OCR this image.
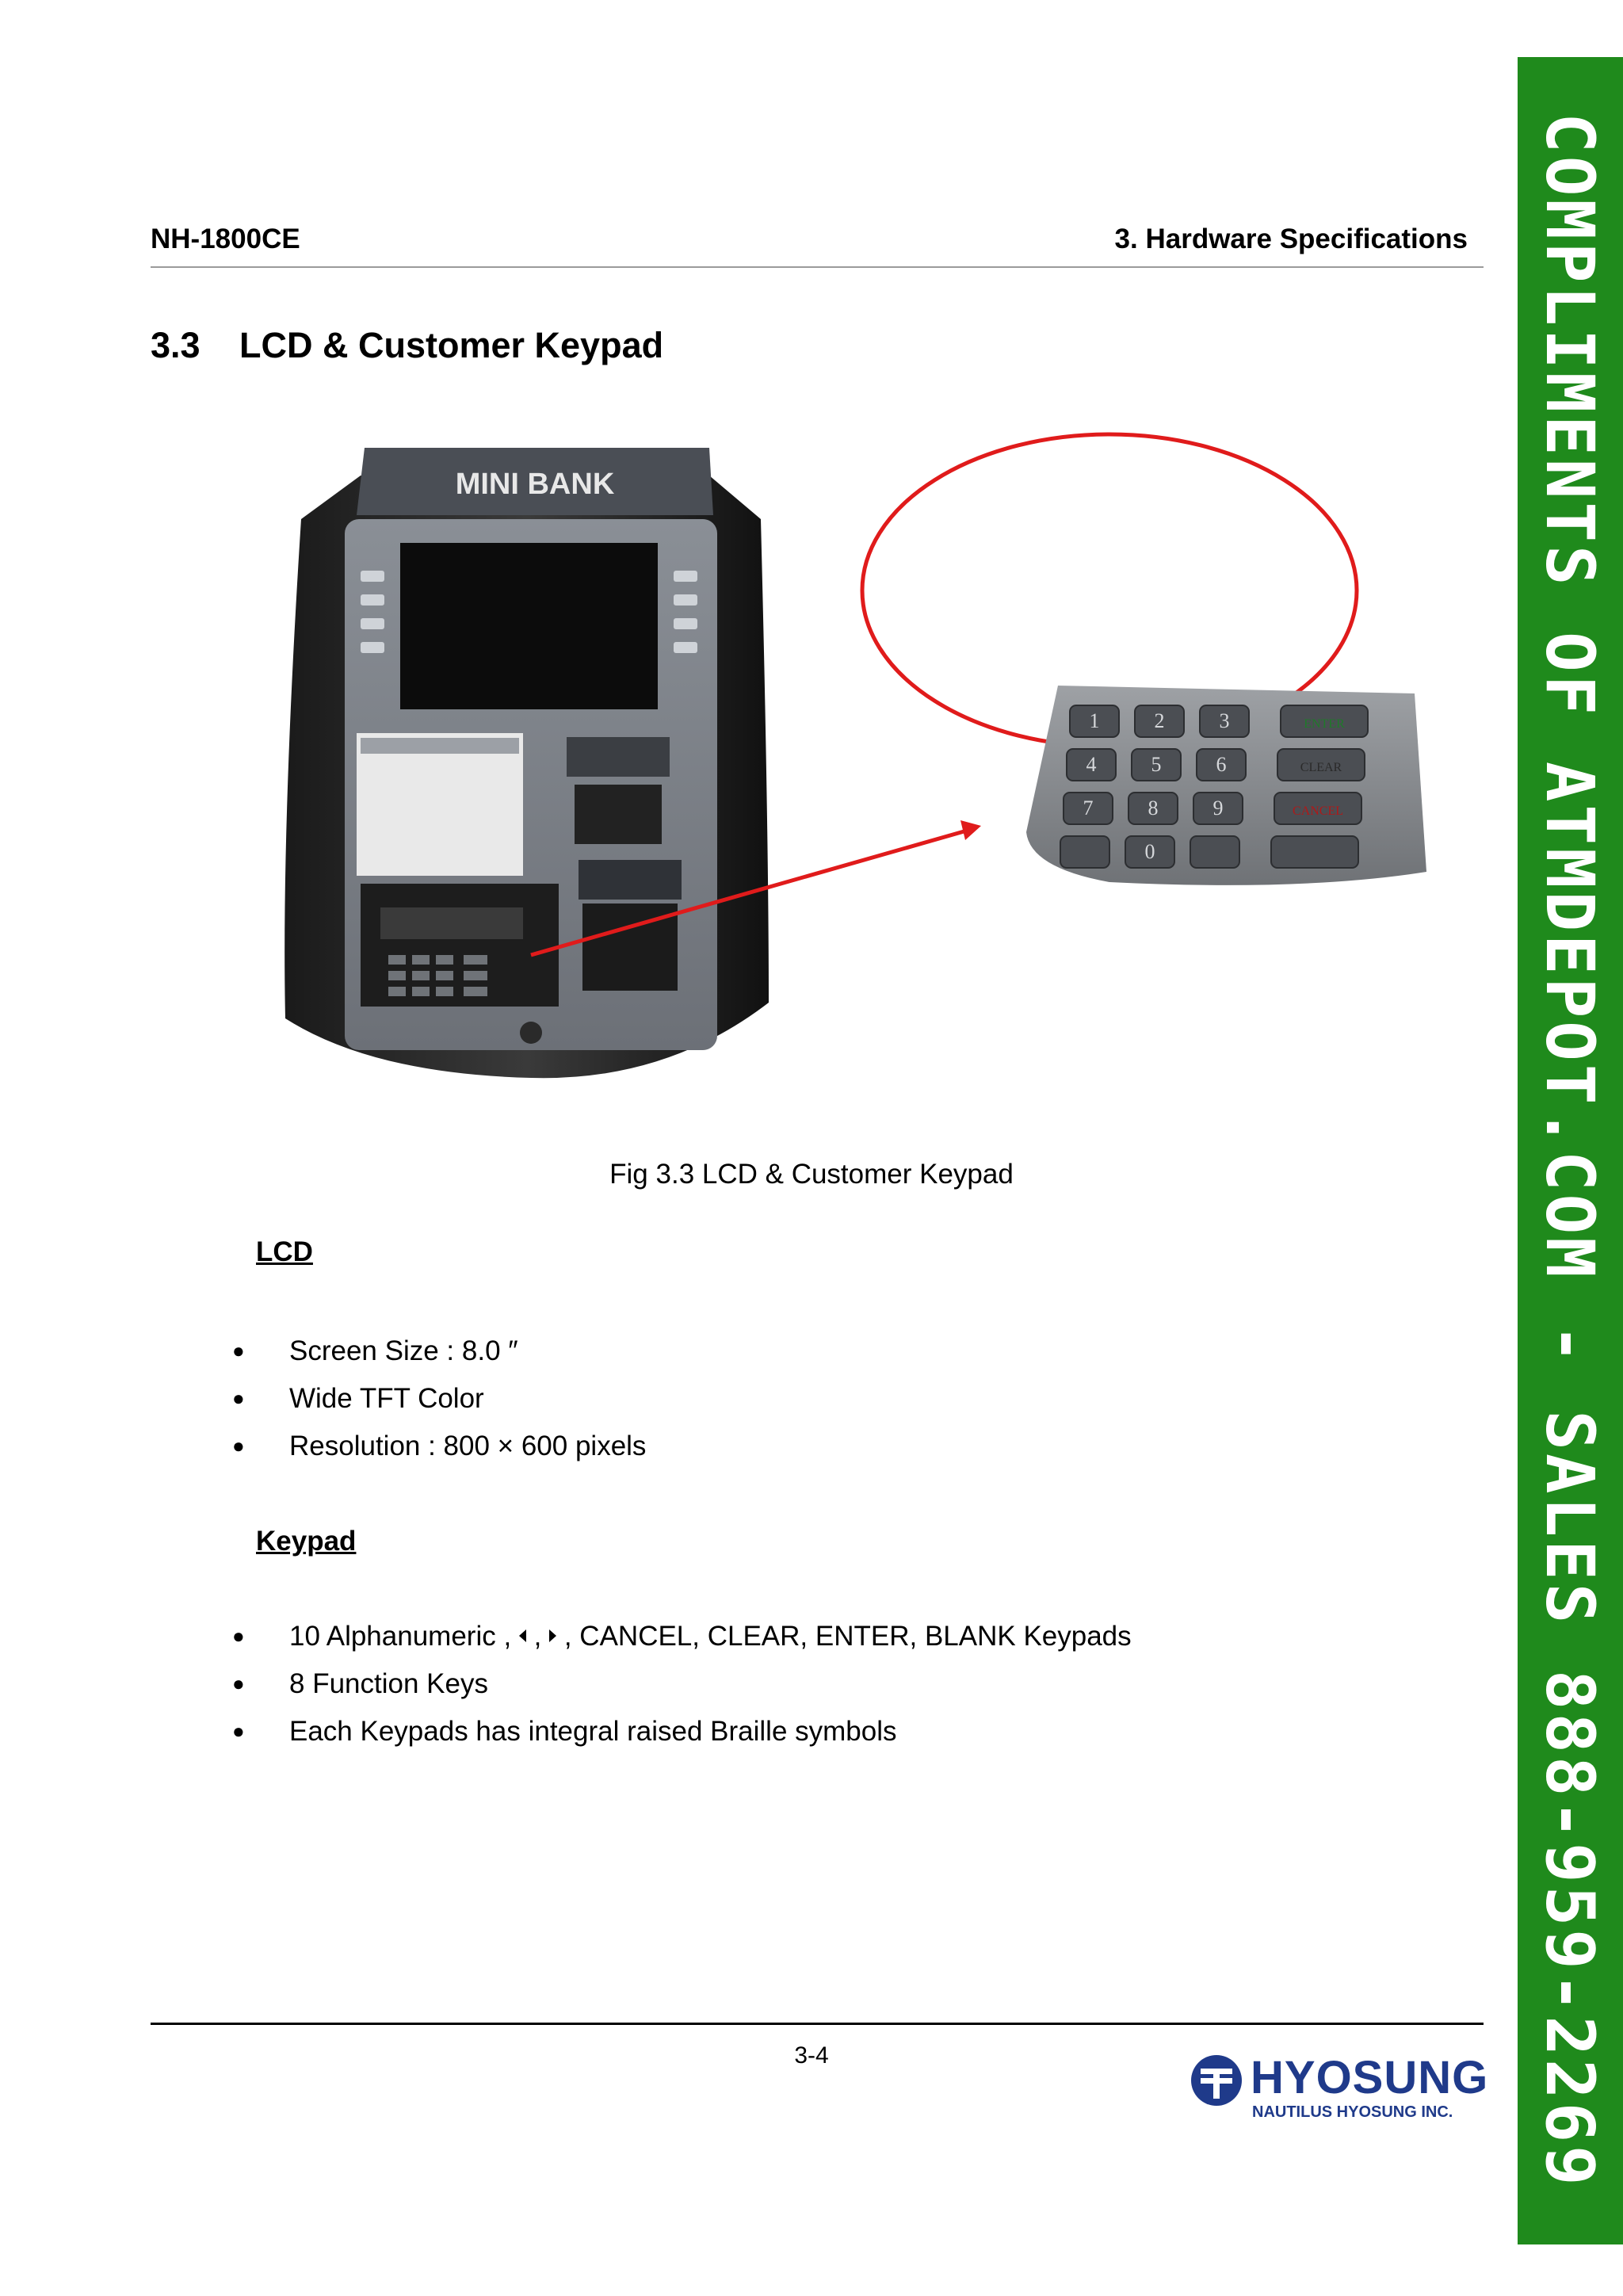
NH-1800CE	3. Hardware Specifications
3.3 LCD & Customer Keypad
MINI BANK
1	2	3	ENTER
4	5	6	CLEAR
7	8	9	CANCEL
0
Fig 3.3 LCD & Customer Keypad
LCD
● Screen Size : 8.0 ″
● Wide TFT Color
● Resolution : 800 × 600 pixels
Keypad
● 10 Alphanumeric , , , CANCEL, CLEAR, ENTER, BLANK Keypads
● 8 Function Keys
● Each Keypads has integral raised Braille symbols
3-4	HYOSUNG
NAUTILUS HYOSUNG INC. COMPLIMENTS OF ATMDEPOT.COM - SALES 888-959-2269
